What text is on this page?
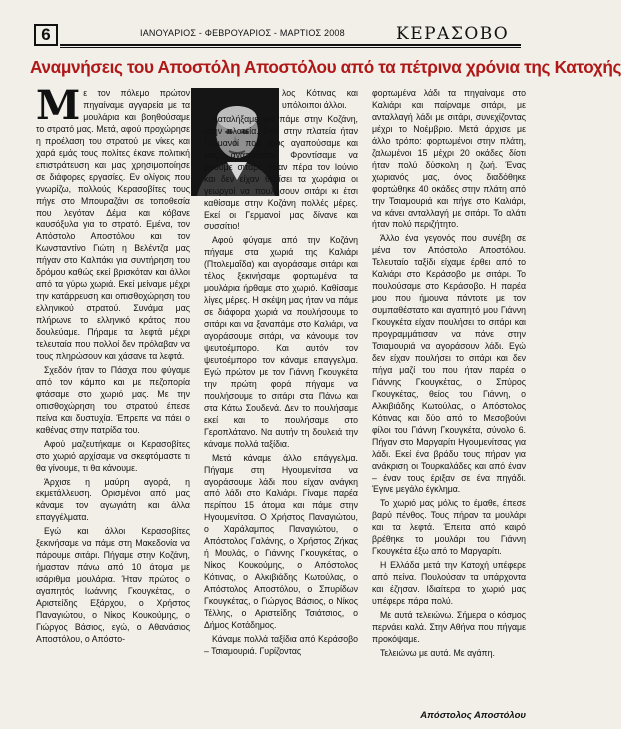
6	ΙΑΝΟΥΑΡΙΟΣ - ΦΕΒΡΟΥΑΡΙΟΣ - ΜΑΡΤΙΟΣ 2008	ΚΕΡΑΣΟΒΟ
Αναμνήσεις του Αποστόλη Αποστόλου από τα πέτρινα χρόνια της Κατοχής

Με τον πόλεμο πρώτον πηγαίναμε αγγαρεία με τα μουλάρια και βοηθούσαμε το στρατό μας. Μετά, αφού προχώρησε η προέλαση του στρατού με νίκες και χαρά εμάς τους πολίτες έκανε πολιτική επιστράτευση και μας χρησιμοποίησε σε διάφορες εργασίες. Εν ολίγοις που γνωρίζω, πολλούς Κερασοβίτες τους πήγε στο Μπουραζάνι σε τοποθεσία που λεγόταν Δέμα και κόβανε καυσόξυλα για το στρατό. Εμένα, τον Απόστολο Αποστόλου και τον Κωνσταντίνο Γιώτη η Βελέντζα μας πήγαν στο Καλπάκι για συντήρηση του δρόμου καθώς εκεί βρισκόταν και άλλοι από τα γύρω χωριά. Εκεί μείναμε μέχρι την κατάρρευση και οπισθοχώρηση του ελληνικού στρατού. Συνάμα μας πλήρωνε το ελληνικό κράτος που δουλεύαμε. Πήραμε τα λεφτά μέχρι τελευταία που πολλοί δεν πρόλαβαν να τους πληρώσουν και χάσανε τα λεφτά.

Σχεδόν ήταν το Πάσχα που φύγαμε από τον κάμπο και με πεζοπορία φτάσαμε στο χωριό μας. Με την οπισθοχώρηση του στρατού έπεσε πείνα και δυστυχία. Έπρεπε να πάει ο καθένας στην πατρίδα του.

Αφού μαζευτήκαμε οι Κερασοβίτες στο χωριό αρχίσαμε να σκεφτόμαστε τι θα γίνουμε, τι θα κάνουμε.

Άρχισε η μαύρη αγορά, η εκμετάλλευση. Ορισμένοι από μας κάναμε τον αγωγιάτη και άλλα επαγγέλματα.

Εγώ και άλλοι Κερασοβίτες ξεκινήσαμε να πάμε στη Μακεδονία να πάρουμε σιτάρι. Πήγαμε στην Κοζάνη, ήμασταν πάνω από 10 άτομα με ισάριθμα μουλάρια. Ήταν πρώτος ο αγαπητός Ιωάννης Γκουγκέτας, ο Αριστείδης Εξάρχου, ο Χρήστος Παναγιώτου, ο Νίκος Κουκούμης, ο Γιώργος Βάσιος, εγώ, ο Αθανάσιος Αποστόλου, ο Απόστο-

λος Κότινας και υπόλοιποι άλλοι.

Καταλήξαμε για πάμε στην Κοζάνη, στην πλατεία. Εκεί στην πλατεία ήταν Γερμανοί που τους αγαπούσαμε και μας αγαπούσαν. Φροντίσαμε να βρούμε σιτάρι. Ήταν πέρα τον Ιούνιο και δεν είχαν θερίσει τα χωράφια οι γεωργοί να πουλήσουν σιτάρι κι έτσι καθίσαμε στην Κοζάνη πολλές μέρες. Εκεί οι Γερμανοί μας δίνανε και συσσίτιο!

Αφού φύγαμε από την Κοζάνη πήγαμε στα χωριά της Καλιάρι (Πτολεμαΐδα) και αγοράσαμε σιτάρι και τέλος ξεκινήσαμε φορτωμένα τα μουλάρια ήρθαμε στο χωριό. Καθίσαμε λίγες μέρες. Η σκέψη μας ήταν να πάμε σε διάφορα χωριά να πουλήσουμε το σιτάρι και να ξαναπάμε στο Καλιάρι, να αγοράσουμε σιτάρι, να κάνουμε τον ψευτοέμπορο. Και αυτόν τον ψευτοέμπορο τον κάναμε επαγγελμα. Εγώ πρώτον με τον Γιάννη Γκουγκέτα την πρώτη φορά πήγαμε να πουλήσουμε το σιτάρι στα Πάνω και στα Κάτω Σουδενά. Δεν το πουλήσαμε εκεί και το πουλήσαμε στο Γεροπλάτανο. Να αυτήν τη δουλειά την κάναμε πολλά ταξίδια.

Μετά κάναμε άλλο επάγγελμα. Πήγαμε στη Ηγουμενίτσα να αγοράσουμε λάδι που είχαν ανάγκη από λάδι στο Καλιάρι. Γίναμε παρέα περίπου 15 άτομα και πάμε στην Ηγουμενίτσα. Ο Χρήστος Παναγιώτου, ο Χαράλαμπος Παναγιώτου, ο Απόστολος Γαλάνης, ο Χρήστος Ζήκας ή Μουλάς, ο Γιάννης Γκουγκέτας, ο Νίκος Κουκούμης, ο Απόστολος Κότινας, ο Αλκιβιάδης Κωτούλας, ο Απόστολος Αποστόλου, ο Σπυρίδων Γκουγκέτας, ο Γιώργος Βάσιος, ο Νίκος Τέλλης, ο Αριστείδης Τσιάτσιος, ο Δήμος Κοτάδημος.

Κάναμε πολλά ταξίδια από Κεράσοβο – Τσιαμουριά. Γυρίζοντας

φορτωμένα λάδι τα πηγαίναμε στο Καλιάρι και παίρναμε σιτάρι, με ανταλλαγή λάδι με σιτάρι, συνεχίζοντας μέχρι το Νοέμβριο. Μετά άρχισε με άλλο τρόπο: φορτωμένοι στην πλάτη, ζαλωμένοι 15 μέχρι 20 οκάδες δίοτι ήταν πολύ δύσκολη η ζωή. Ένας χωριανός μας, όνος διαδόθηκε φορτώθηκε 40 οκάδες στην πλάτη από την Τσιαμουριά και πήγε στο Καλιάρι, να κάνει ανταλλαγή με σιτάρι. Το αλάτι ήταν πολύ περιζήτητο.

Άλλο ένα γεγονός που συνέβη σε μένα τον Απόστολο Αποστόλου. Τελευταίο ταξίδι είχαμε έρθει από το Καλιάρι στο Κεράσοβο με σιτάρι. Το πουλούσαμε στο Κεράσοβο. Η παρέα μου που ήμουνα πάντοτε με τον συμπαθέστατο και αγαπητό μου Γιάννη Γκουγκέτα είχαν πουλήσει το σιτάρι και προγραμμάτισαν να πάνε στην Τσιαμουριά να αγοράσουν λάδι. Εγώ δεν είχαν πουλήσει το σιτάρι και δεν πήγα μαζί του που ήταν παρέα ο Γιάννης Γκουγκέτας, ο Σπύρος Γκουγκέτας, θείος του Γιάννη, ο Αλκιβιάδης Κωτούλας, ο Απόστολος Κότινας και δύο από το Μεσοβούνι φίλοι του Γιάννη Γκουγκέτα, σύνολο 6. Πήγαν στο Μαργαρίτι Ηγουμενίτσας για λάδι. Εκεί ένα βράδυ τους πήραν για ανάκριση οι Τουρκαλάδες και από έναν – έναν τους έριξαν σε ένα πηγάδι. Έγινε μεγάλο έγκλημα.

Το χωριό μας μόλις το έμαθε, έπεσε βαρύ πένθος. Τους πήραν τα μουλάρι και τα λεφτά. Έπειτα από καιρό βρέθηκε το μουλάρι του Γιάννη Γκουγκέτα έξω από το Μαργαρίτι.

Η Ελλάδα μετά την Κατοχή υπέφερε από πείνα. Πουλούσαν τα υπάρχοντα και έζησαν. Ιδιαίτερα το χωριό μας υπέφερε πάρα πολύ.

Με αυτά τελειώνω. Σήμερα ο κόσμος περνάει καλά. Στην Αθήνα που πήγαμε προκόψαμε.

Τελειώνω με αυτά. Με αγάπη.

Απόστολος Αποστόλου
